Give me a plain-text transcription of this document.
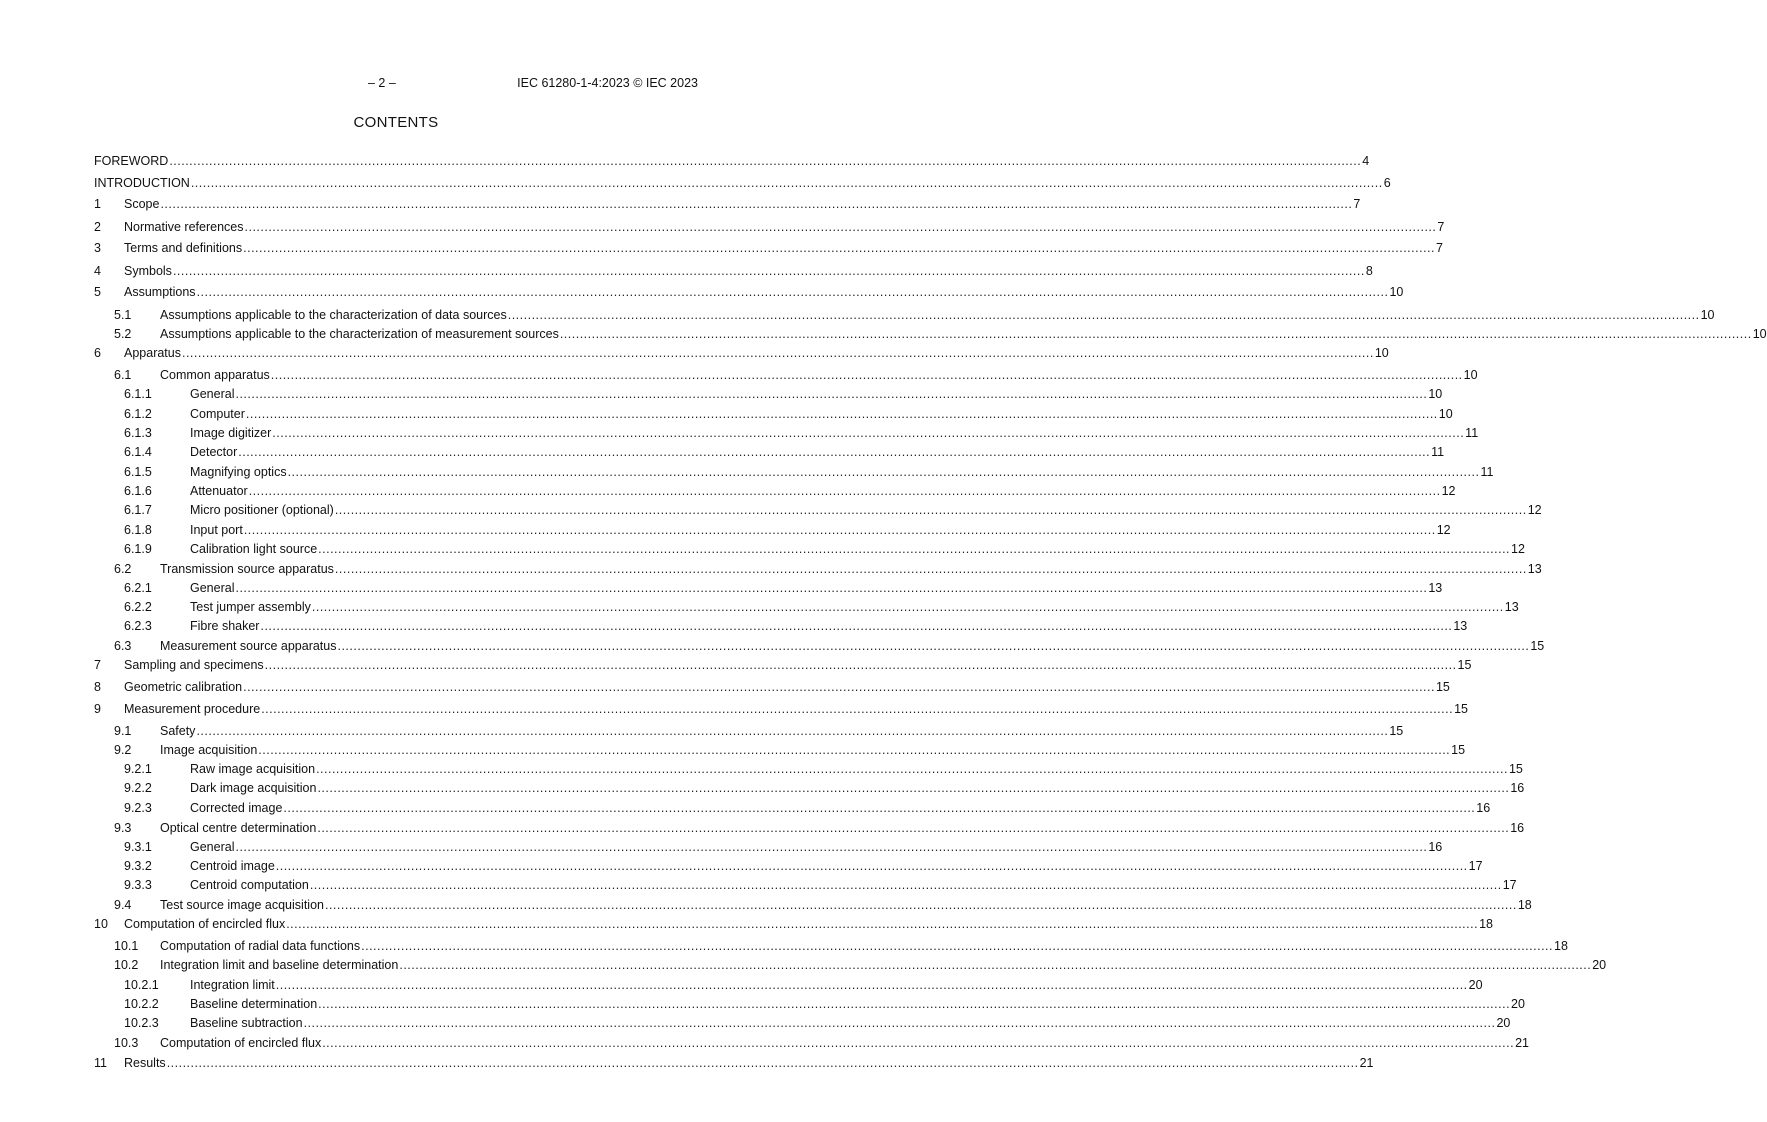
– 2 –	IEC 61280-1-4:2023 © IEC 2023
CONTENTS
FOREWORD ............................................................................................................................................................................................................................................................................................................ 4
INTRODUCTION ............................................................................................................................................................................................................................................................................................................ 6
1	Scope ............................................................................................................................................................................................................................................................................................................ 7
2	Normative references ............................................................................................................................................................................................................................................................................................................ 7
3	Terms and definitions ............................................................................................................................................................................................................................................................................................................ 7
4	Symbols ............................................................................................................................................................................................................................................................................................................ 8
5	Assumptions ............................................................................................................................................................................................................................................................................................................ 10
5.1	Assumptions applicable to the characterization of data sources ............................................................................................................................................................................................................................................................................................................ 10
5.2	Assumptions applicable to the characterization of measurement sources ............................................................................................................................................................................................................................................................................................................ 10
6	Apparatus ............................................................................................................................................................................................................................................................................................................ 10
6.1	Common apparatus ............................................................................................................................................................................................................................................................................................................ 10
6.1.1	General ............................................................................................................................................................................................................................................................................................................ 10
6.1.2	Computer ............................................................................................................................................................................................................................................................................................................ 10
6.1.3	Image digitizer ............................................................................................................................................................................................................................................................................................................ 11
6.1.4	Detector ............................................................................................................................................................................................................................................................................................................ 11
6.1.5	Magnifying optics ............................................................................................................................................................................................................................................................................................................ 11
6.1.6	Attenuator ............................................................................................................................................................................................................................................................................................................ 12
6.1.7	Micro positioner (optional) ............................................................................................................................................................................................................................................................................................................ 12
6.1.8	Input port ............................................................................................................................................................................................................................................................................................................ 12
6.1.9	Calibration light source ............................................................................................................................................................................................................................................................................................................ 12
6.2	Transmission source apparatus ............................................................................................................................................................................................................................................................................................................ 13
6.2.1	General ............................................................................................................................................................................................................................................................................................................ 13
6.2.2	Test jumper assembly ............................................................................................................................................................................................................................................................................................................ 13
6.2.3	Fibre shaker ............................................................................................................................................................................................................................................................................................................ 13
6.3	Measurement source apparatus ............................................................................................................................................................................................................................................................................................................ 15
7	Sampling and specimens ............................................................................................................................................................................................................................................................................................................ 15
8	Geometric calibration ............................................................................................................................................................................................................................................................................................................ 15
9	Measurement procedure ............................................................................................................................................................................................................................................................................................................ 15
9.1	Safety ............................................................................................................................................................................................................................................................................................................ 15
9.2	Image acquisition ............................................................................................................................................................................................................................................................................................................ 15
9.2.1	Raw image acquisition ............................................................................................................................................................................................................................................................................................................ 15
9.2.2	Dark image acquisition ............................................................................................................................................................................................................................................................................................................ 16
9.2.3	Corrected image ............................................................................................................................................................................................................................................................................................................ 16
9.3	Optical centre determination ............................................................................................................................................................................................................................................................................................................ 16
9.3.1	General ............................................................................................................................................................................................................................................................................................................ 16
9.3.2	Centroid image ............................................................................................................................................................................................................................................................................................................ 17
9.3.3	Centroid computation ............................................................................................................................................................................................................................................................................................................ 17
9.4	Test source image acquisition ............................................................................................................................................................................................................................................................................................................ 18
10	Computation of encircled flux ............................................................................................................................................................................................................................................................................................................ 18
10.1	Computation of radial data functions ............................................................................................................................................................................................................................................................................................................ 18
10.2	Integration limit and baseline determination ............................................................................................................................................................................................................................................................................................................ 20
10.2.1	Integration limit ............................................................................................................................................................................................................................................................................................................ 20
10.2.2	Baseline determination ............................................................................................................................................................................................................................................................................................................ 20
10.2.3	Baseline subtraction ............................................................................................................................................................................................................................................................................................................ 20
10.3	Computation of encircled flux ............................................................................................................................................................................................................................................................................................................ 21
11	Results ............................................................................................................................................................................................................................................................................................................ 21
